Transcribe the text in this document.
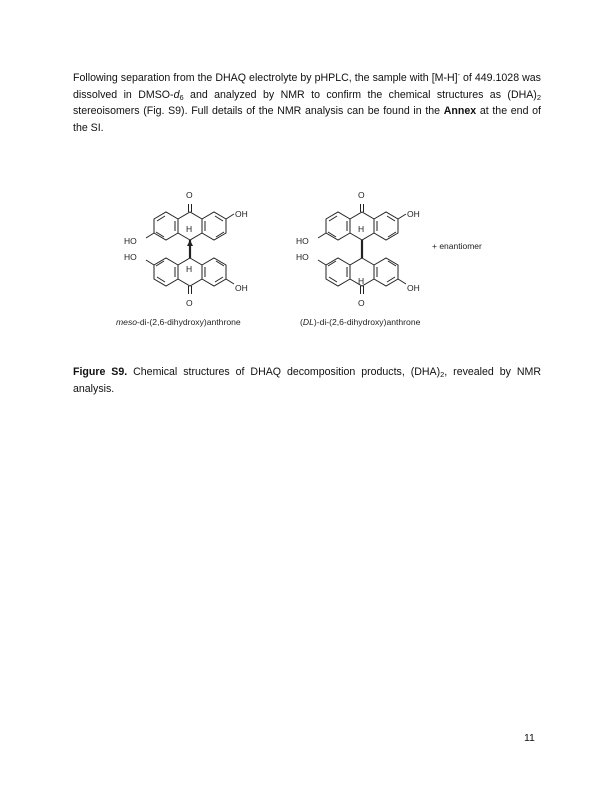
Following separation from the DHAQ electrolyte by pHPLC, the sample with [M-H]- of 449.1028 was dissolved in DMSO-$d_6$ and analyzed by NMR to confirm the chemical structures as $(DHA)_2$ stereoisomers (Fig. S9). Full details of the NMR analysis can be found in the Annex at the end of the SI.

OH
HO
O
H
H
HO
OH
O
OH
HO
O
H
H
HO
OH
O
+ enantiomer
meso-di-(2,6-dihydroxy)anthrone	(DL)-di-(2,6-dihydroxy)anthrone

Figure S9. Chemical structures of DHAQ decomposition products, $(DHA)_2$, revealed by NMR analysis.

11
